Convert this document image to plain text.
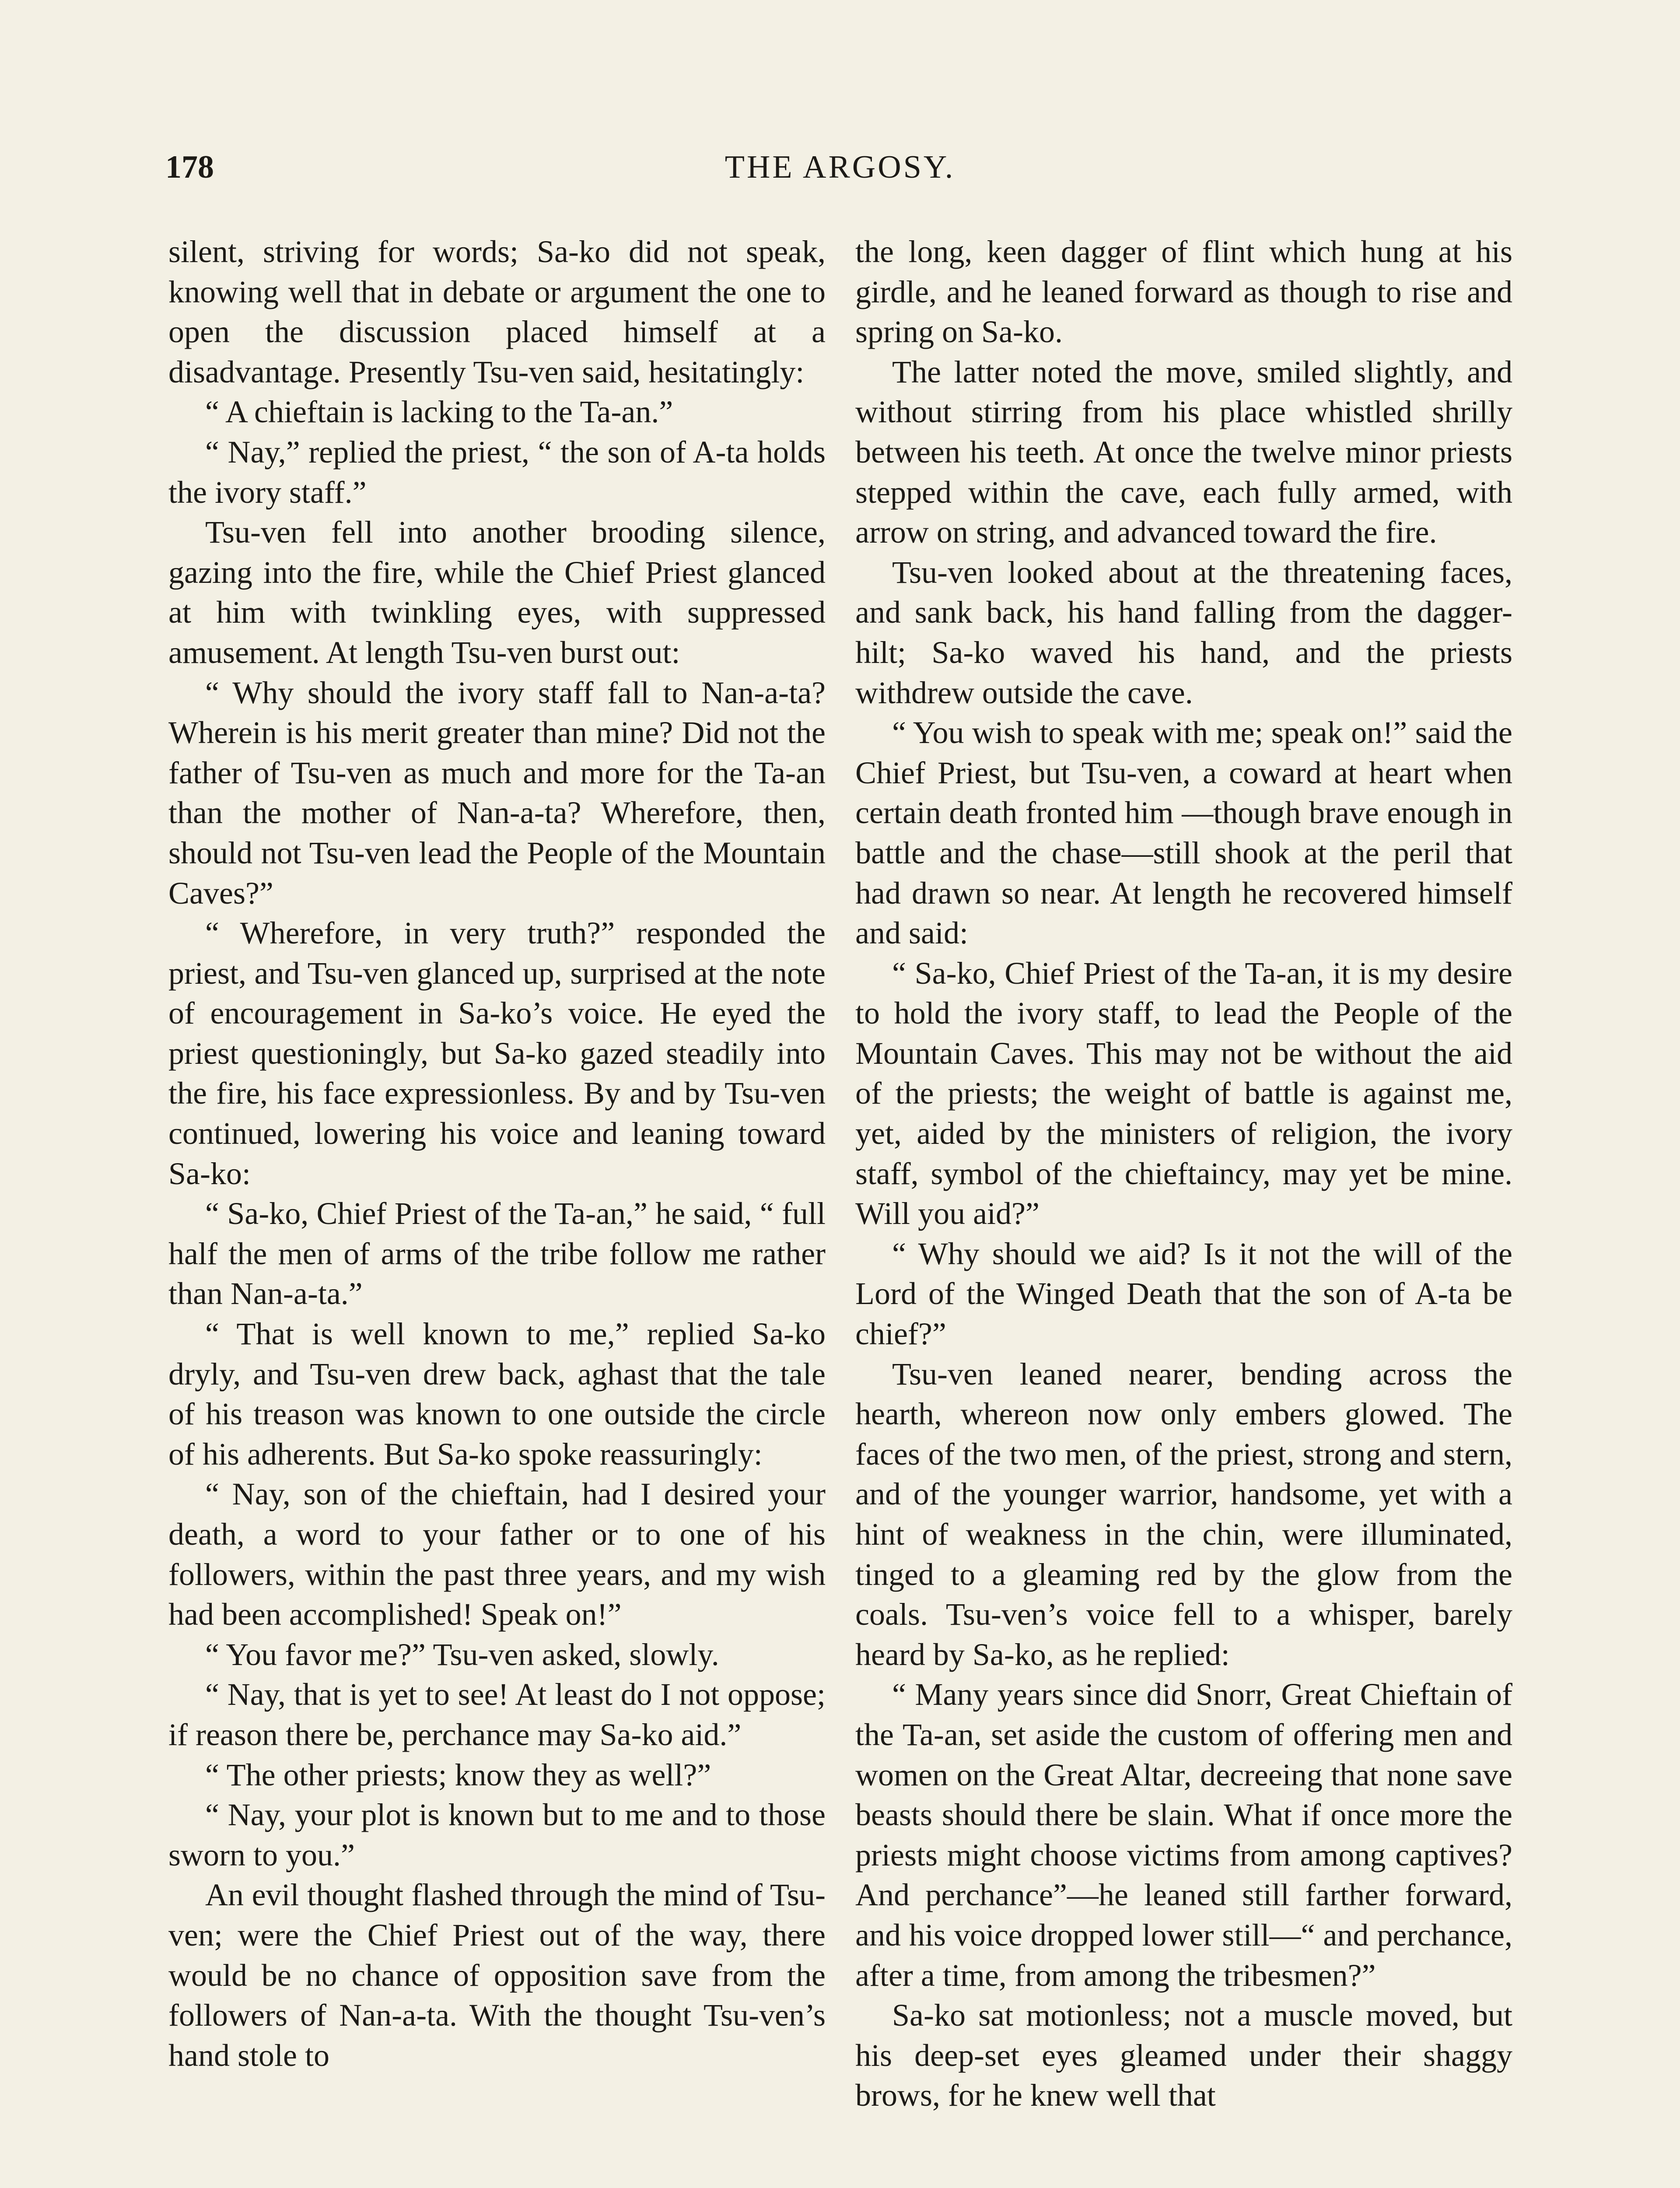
178	THE ARGOSY.

silent, striving for words; Sa-ko did not speak, knowing well that in debate or argument the one to open the discussion placed himself at a disadvantage. Presently Tsu-ven said, hesitatingly:

“ A chieftain is lacking to the Ta-an.”

“ Nay,” replied the priest, “ the son of A-ta holds the ivory staff.”

Tsu-ven fell into another brooding silence, gazing into the fire, while the Chief Priest glanced at him with twinkling eyes, with suppressed amusement. At length Tsu-ven burst out:

“ Why should the ivory staff fall to Nan-a-ta? Wherein is his merit greater than mine? Did not the father of Tsu-ven as much and more for the Ta-an than the mother of Nan-a-ta? Wherefore, then, should not Tsu-ven lead the People of the Mountain Caves?”

“ Wherefore, in very truth?” responded the priest, and Tsu-ven glanced up, surprised at the note of encouragement in Sa-ko’s voice. He eyed the priest questioningly, but Sa-ko gazed steadily into the fire, his face expressionless. By and by Tsu-ven continued, lowering his voice and leaning toward Sa-ko:

“ Sa-ko, Chief Priest of the Ta-an,” he said, “ full half the men of arms of the tribe follow me rather than Nan-a-ta.”

“ That is well known to me,” replied Sa-ko dryly, and Tsu-ven drew back, aghast that the tale of his treason was known to one outside the circle of his adherents. But Sa-ko spoke reassuringly:

“ Nay, son of the chieftain, had I desired your death, a word to your father or to one of his followers, within the past three years, and my wish had been accomplished! Speak on!”

“ You favor me?” Tsu-ven asked, slowly.

“ Nay, that is yet to see! At least do I not oppose; if reason there be, perchance may Sa-ko aid.”

“ The other priests; know they as well?”

“ Nay, your plot is known but to me and to those sworn to you.”

An evil thought flashed through the mind of Tsu-ven; were the Chief Priest out of the way, there would be no chance of opposition save from the followers of Nan-a-ta. With the thought Tsu-ven’s hand stole to

the long, keen dagger of flint which hung at his girdle, and he leaned forward as though to rise and spring on Sa-ko.

The latter noted the move, smiled slightly, and without stirring from his place whistled shrilly between his teeth. At once the twelve minor priests stepped within the cave, each fully armed, with arrow on string, and advanced toward the fire.

Tsu-ven looked about at the threatening faces, and sank back, his hand falling from the dagger-hilt; Sa-ko waved his hand, and the priests withdrew outside the cave.

“ You wish to speak with me; speak on!” said the Chief Priest, but Tsu-ven, a coward at heart when certain death fronted him —though brave enough in battle and the chase—still shook at the peril that had drawn so near. At length he recovered himself and said:

“ Sa-ko, Chief Priest of the Ta-an, it is my desire to hold the ivory staff, to lead the People of the Mountain Caves. This may not be without the aid of the priests; the weight of battle is against me, yet, aided by the ministers of religion, the ivory staff, symbol of the chieftaincy, may yet be mine. Will you aid?”

“ Why should we aid? Is it not the will of the Lord of the Winged Death that the son of A-ta be chief?”

Tsu-ven leaned nearer, bending across the hearth, whereon now only embers glowed. The faces of the two men, of the priest, strong and stern, and of the younger warrior, handsome, yet with a hint of weakness in the chin, were illuminated, tinged to a gleaming red by the glow from the coals. Tsu-ven’s voice fell to a whisper, barely heard by Sa-ko, as he replied:

“ Many years since did Snorr, Great Chieftain of the Ta-an, set aside the custom of offering men and women on the Great Altar, decreeing that none save beasts should there be slain. What if once more the priests might choose victims from among captives? And perchance”—he leaned still farther forward, and his voice dropped lower still—“ and perchance, after a time, from among the tribesmen?”

Sa-ko sat motionless; not a muscle moved, but his deep-set eyes gleamed under their shaggy brows, for he knew well that
